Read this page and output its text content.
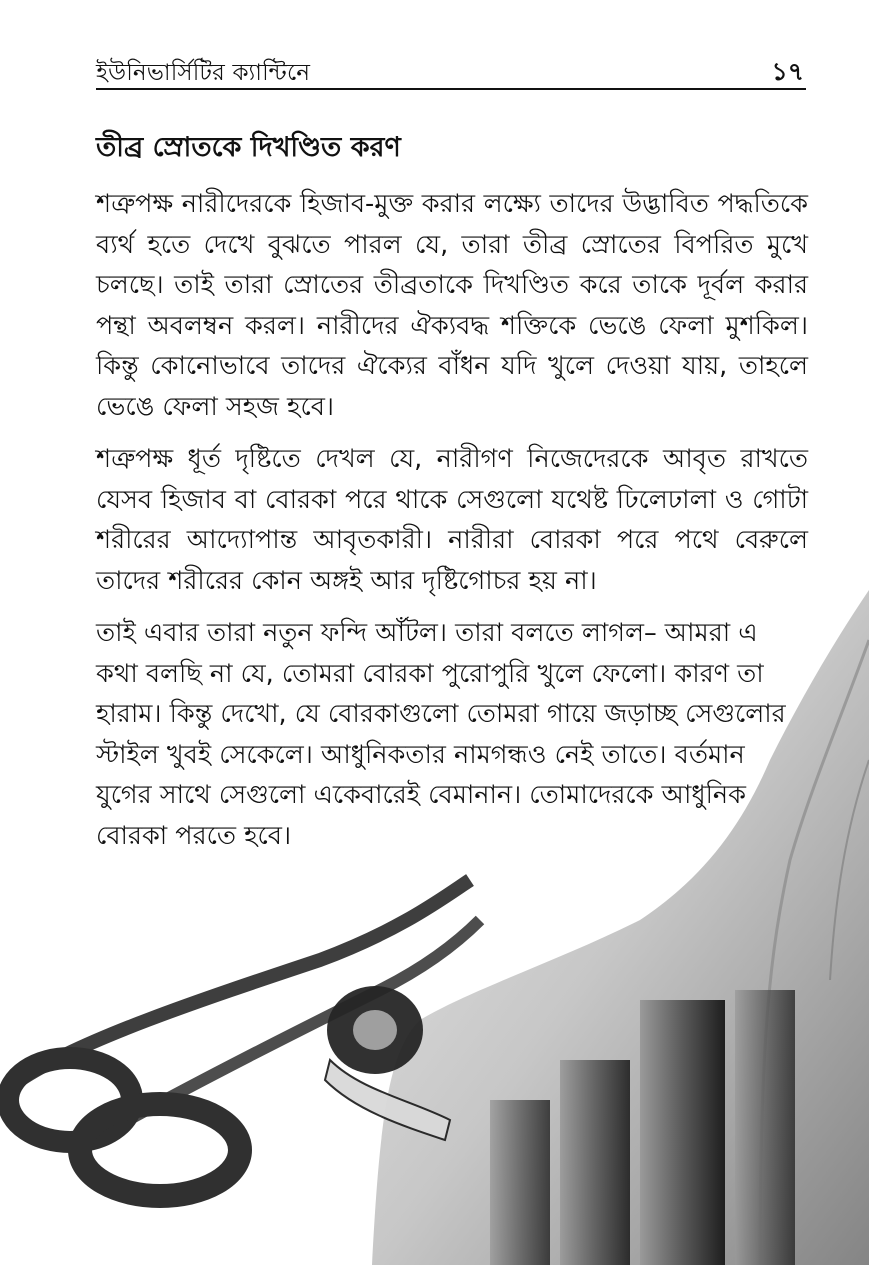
ইউনিভার্সিটির ক্যান্টিনে	১৭
তীব্র স্রোতকে দিখণ্ডিত করণ

শত্রুপক্ষ নারীদেরকে হিজাব-মুক্ত করার লক্ষ্যে তাদের উদ্ভাবিত পদ্ধতিকে ব্যর্থ হতে দেখে বুঝতে পারল যে, তারা তীব্র স্রোতের বিপরিত মুখে চলছে। তাই তারা স্রোতের তীব্রতাকে দিখণ্ডিত করে তাকে দূর্বল করার পন্থা অবলম্বন করল। নারীদের ঐক্যবদ্ধ শক্তিকে ভেঙে ফেলা মুশকিল। কিন্তু কোনোভাবে তাদের ঐক্যের বাঁধন যদি খুলে দেওয়া যায়, তাহলে ভেঙে ফেলা সহজ হবে।

শত্রুপক্ষ ধূর্ত দৃষ্টিতে দেখল যে, নারীগণ নিজেদেরকে আবৃত রাখতে যেসব হিজাব বা বোরকা পরে থাকে সেগুলো যথেষ্ট ঢিলেঢালা ও গোটা শরীরের আদ্যোপান্ত আবৃতকারী। নারীরা বোরকা পরে পথে বেরুলে তাদের শরীরের কোন অঙ্গই আর দৃষ্টিগোচর হয় না।

তাই এবার তারা নতুন ফন্দি আঁটল। তারা বলতে লাগল– আমরা এ কথা বলছি না যে, তোমরা বোরকা পুরোপুরি খুলে ফেলো। কারণ তা হারাম। কিন্তু দেখো, যে বোরকাগুলো তোমরা গায়ে জড়াচ্ছ সেগুলোর স্টাইল খুবই সেকেলে। আধুনিকতার নামগন্ধও নেই তাতে। বর্তমান যুগের সাথে সেগুলো একেবারেই বেমানান। তোমাদেরকে আধুনিক বোরকা পরতে হবে।
